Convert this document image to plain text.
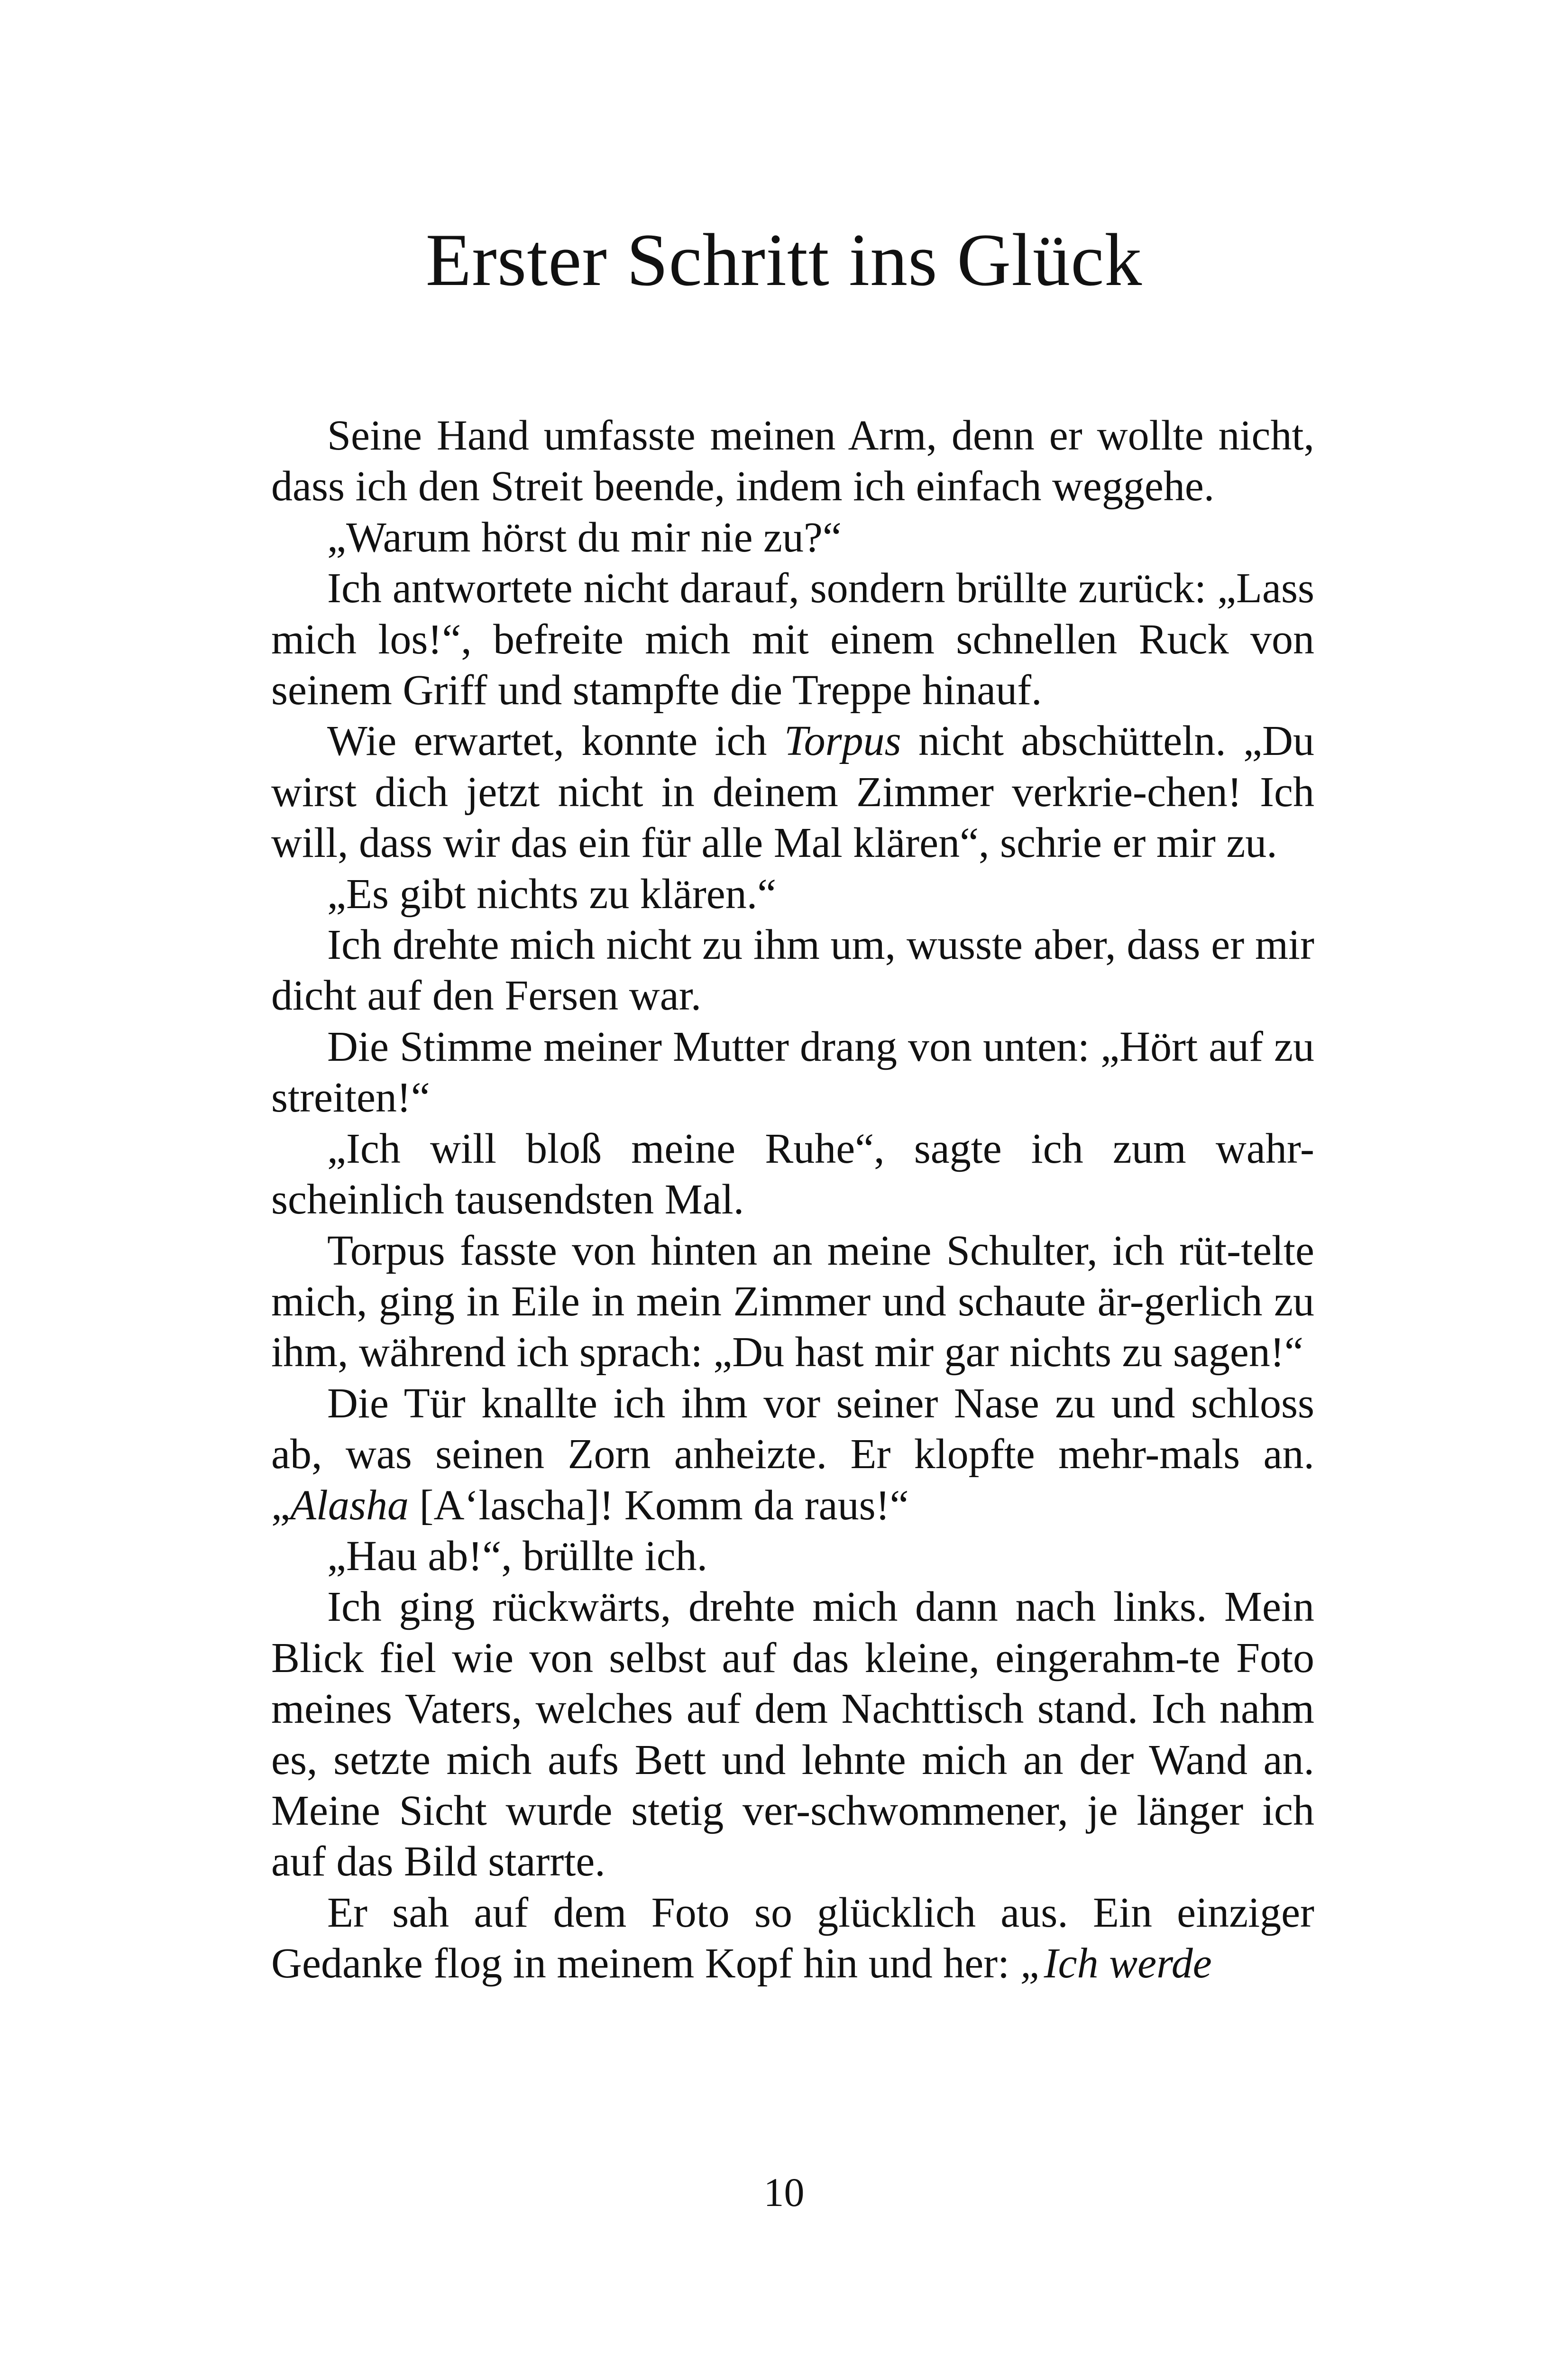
Erster Schritt ins Glück

Seine Hand umfasste meinen Arm, denn er wollte nicht, dass ich den Streit beende, indem ich einfach weggehe.

„Warum hörst du mir nie zu?“

Ich antwortete nicht darauf, sondern brüllte zurück: „Lass mich los!“, befreite mich mit einem schnellen Ruck von seinem Griff und stampfte die Treppe hinauf.

Wie erwartet, konnte ich Torpus nicht abschütteln. „Du wirst dich jetzt nicht in deinem Zimmer verkrie-chen! Ich will, dass wir das ein für alle Mal klären“, schrie er mir zu.

„Es gibt nichts zu klären.“

Ich drehte mich nicht zu ihm um, wusste aber, dass er mir dicht auf den Fersen war.

Die Stimme meiner Mutter drang von unten: „Hört auf zu streiten!“

„Ich will bloß meine Ruhe“, sagte ich zum wahr-scheinlich tausendsten Mal.

Torpus fasste von hinten an meine Schulter, ich rüt-telte mich, ging in Eile in mein Zimmer und schaute är-gerlich zu ihm, während ich sprach: „Du hast mir gar nichts zu sagen!“

Die Tür knallte ich ihm vor seiner Nase zu und schloss ab, was seinen Zorn anheizte. Er klopfte mehr-mals an. „Alasha [A‘lascha]! Komm da raus!“

„Hau ab!“, brüllte ich.

Ich ging rückwärts, drehte mich dann nach links. Mein Blick fiel wie von selbst auf das kleine, eingerahm-te Foto meines Vaters, welches auf dem Nachttisch stand. Ich nahm es, setzte mich aufs Bett und lehnte mich an der Wand an. Meine Sicht wurde stetig ver-schwommener, je länger ich auf das Bild starrte.

Er sah auf dem Foto so glücklich aus. Ein einziger Gedanke flog in meinem Kopf hin und her: „Ich werde

10
